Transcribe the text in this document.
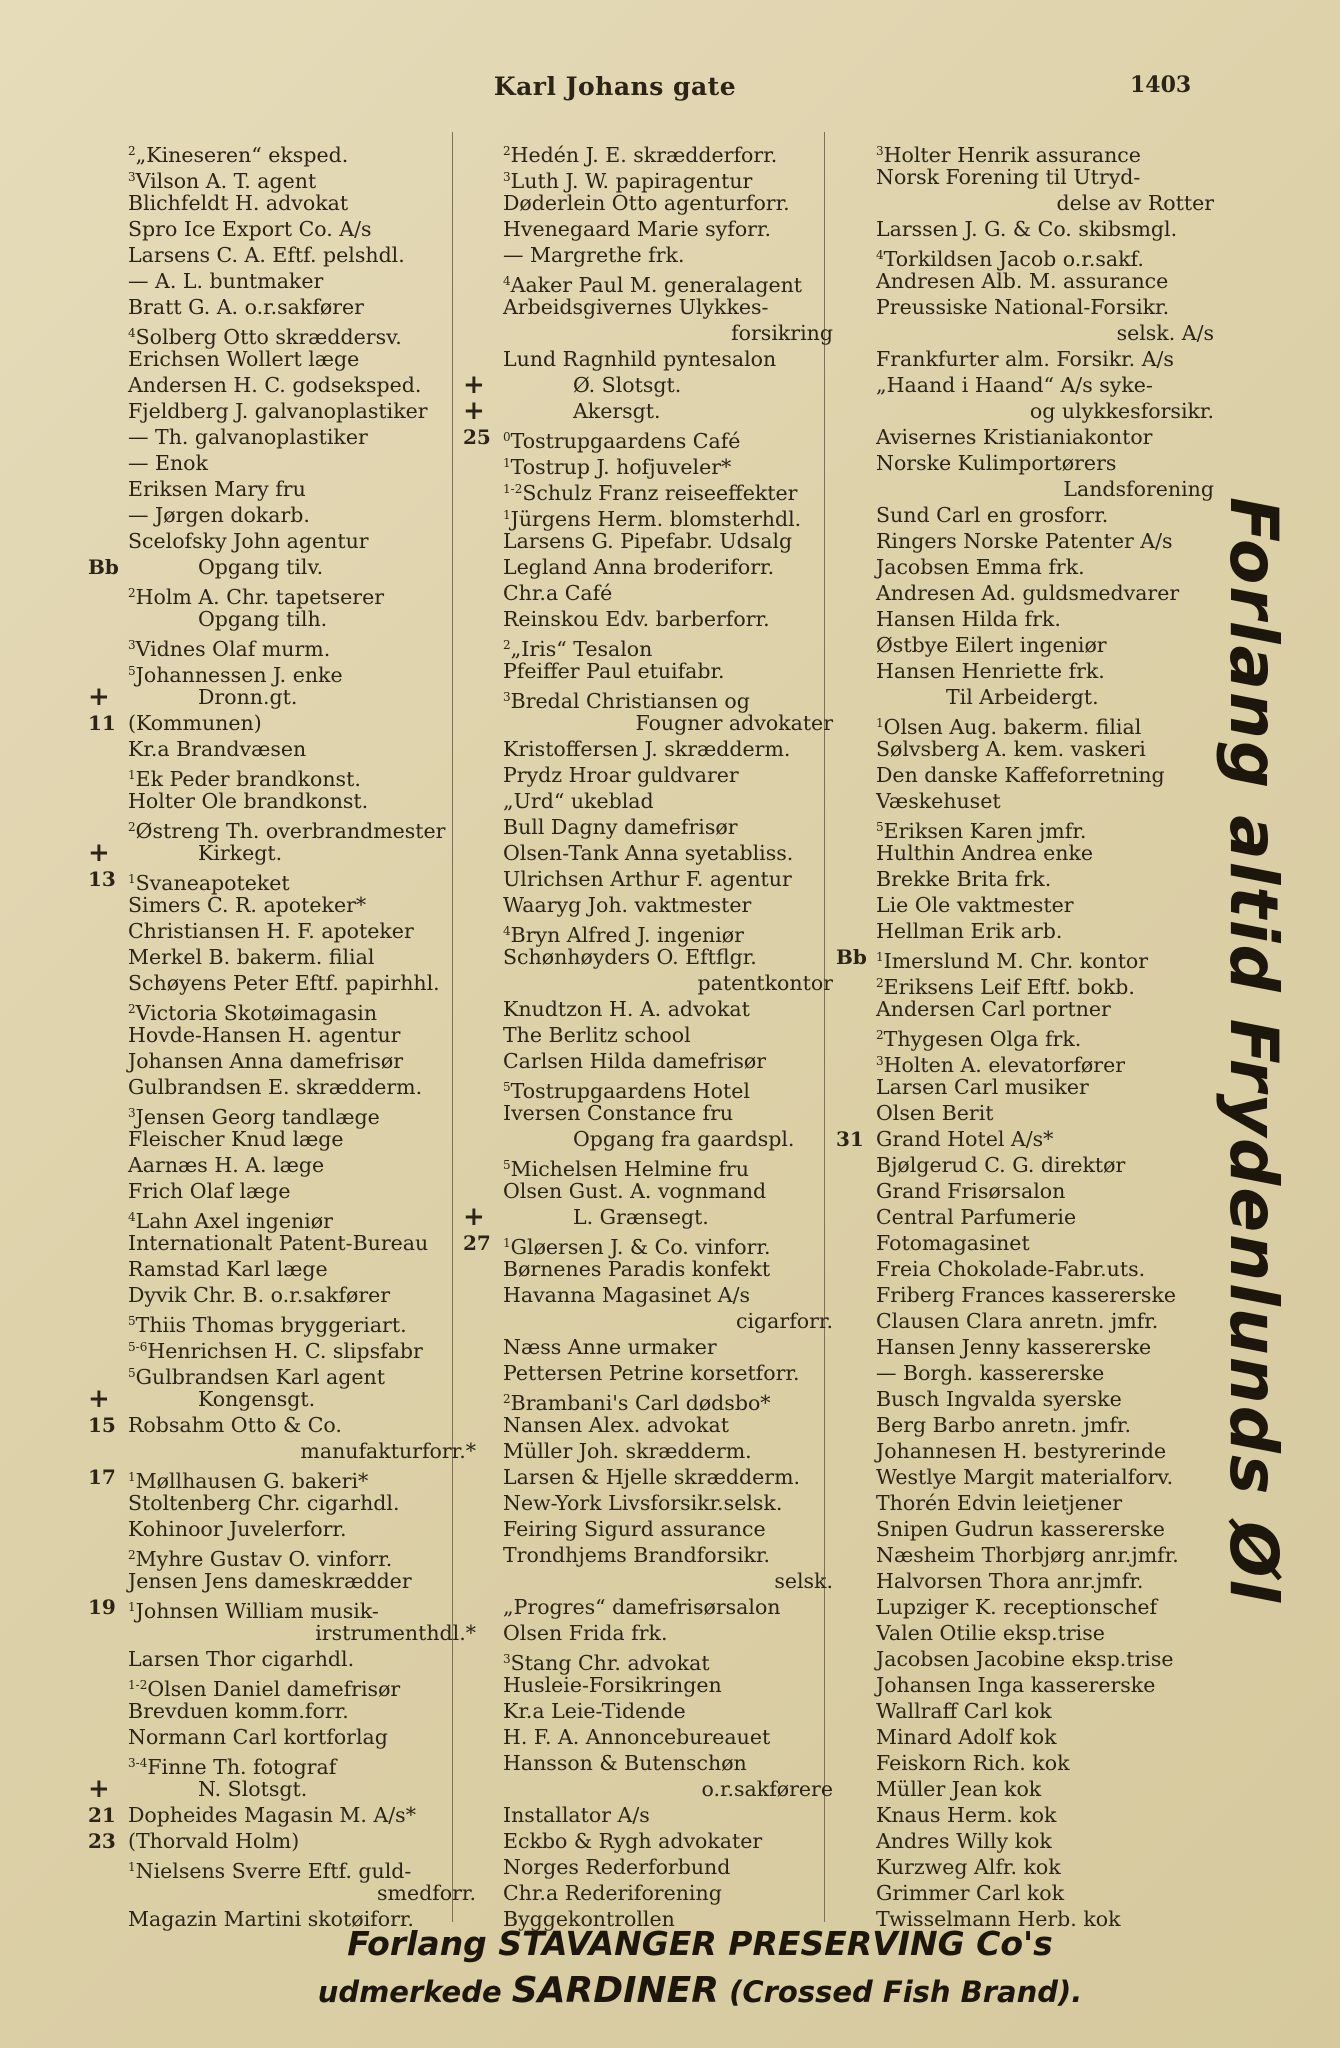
Karl Johans gate	1403
$^2$„Kineseren“ eksped.
$^3$Vilson A. T. agent
Blichfeldt H. advokat
Spro Ice Export Co. A/s
Larsens C. A. Eftf. pelshdl.
— A. L. buntmaker
Bratt G. A. o.r.sakfører
$^4$Solberg Otto skræddersv.
Erichsen Wollert læge
Andersen H. C. godseksped.
Fjeldberg J. galvanoplastiker
— Th. galvanoplastiker
— Enok
Eriksen Mary fru
— Jørgen dokarb.
Scelofsky John agentur
Bb	Opgang tilv.
$^2$Holm A. Chr. tapetserer
Opgang tilh.
$^3$Vidnes Olaf murm.
$^5$Johannessen J. enke
+	Dronn.gt.
11 (Kommunen)
Kr.a Brandvæsen
$^1$Ek Peder brandkonst.
Holter Ole brandkonst.
$^2$Østreng Th. overbrandmester
+	Kirkegt.
13	$^1$Svaneapoteket
Simers C. R. apoteker*
Christiansen H. F. apoteker
Merkel B. bakerm. filial
Schøyens Peter Eftf. papirhhl.
$^2$Victoria Skotøimagasin
Hovde-Hansen H. agentur
Johansen Anna damefrisør
Gulbrandsen E. skrædderm.
$^3$Jensen Georg tandlæge
Fleischer Knud læge
Aarnæs H. A. læge
Frich Olaf læge
$^4$Lahn Axel ingeniør
Internationalt Patent-Bureau
Ramstad Karl læge
Dyvik Chr. B. o.r.sakfører
$^5$Thiis Thomas bryggeriart.
$^{5-6}$Henrichsen H. C. slipsfabr
$^5$Gulbrandsen Karl agent
+	Kongensgt.
15 Robsahm Otto & Co.
manufakturforr.*
17	$^1$Møllhausen G. bakeri*
Stoltenberg Chr. cigarhdl.
Kohinoor Juvelerforr.
$^2$Myhre Gustav O. vinforr.
Jensen Jens dameskrædder
19	$^1$Johnsen William musik-
irstrumenthdl.*
Larsen Thor cigarhdl.
$^{1-2}$Olsen Daniel damefrisør
Brevduen komm.forr.
Normann Carl kortforlag
$^{3-4}$Finne Th. fotograf
+	N. Slotsgt.
21 Dopheides Magasin M. A/s*
23 (Thorvald Holm)
$^1$Nielsens Sverre Eftf. guld-
smedforr.
Magazin Martini skotøiforr.
$^2$Hedén J. E. skrædderforr.
$^3$Luth J. W. papiragentur
Døderlein Otto agenturforr.
Hvenegaard Marie syforr.
— Margrethe frk.
$^4$Aaker Paul M. generalagent
Arbeidsgivernes Ulykkes-
forsikring
Lund Ragnhild pyntesalon
+	Ø. Slotsgt.
+	Akersgt.
25	$^0$Tostrupgaardens Café
$^1$Tostrup J. hofjuveler*
$^{1-2}$Schulz Franz reiseeffekter
$^1$Jürgens Herm. blomsterhdl.
Larsens G. Pipefabr. Udsalg
Legland Anna broderiforr.
Chr.a Café
Reinskou Edv. barberforr.
$^2$„Iris“ Tesalon
Pfeiffer Paul etuifabr.
$^3$Bredal Christiansen og
Fougner advokater
Kristoffersen J. skrædderm.
Prydz Hroar guldvarer
„Urd“ ukeblad
Bull Dagny damefrisør
Olsen-Tank Anna syetabliss.
Ulrichsen Arthur F. agentur
Waaryg Joh. vaktmester
$^4$Bryn Alfred J. ingeniør
Schønhøyders O. Eftflgr.
patentkontor
Knudtzon H. A. advokat
The Berlitz school
Carlsen Hilda damefrisør
$^5$Tostrupgaardens Hotel
Iversen Constance fru
Opgang fra gaardspl.
$^5$Michelsen Helmine fru
Olsen Gust. A. vognmand
+	L. Grænsegt.
27	$^1$Gløersen J. & Co. vinforr.
Børnenes Paradis konfekt
Havanna Magasinet A/s
cigarforr.
Næss Anne urmaker
Pettersen Petrine korsetforr.
$^2$Brambani's Carl dødsbo*
Nansen Alex. advokat
Müller Joh. skrædderm.
Larsen & Hjelle skrædderm.
New-York Livsforsikr.selsk.
Feiring Sigurd assurance
Trondhjems Brandforsikr.
selsk.
„Progres“ damefrisørsalon
Olsen Frida frk.
$^3$Stang Chr. advokat
Husleie-Forsikringen
Kr.a Leie-Tidende
H. F. A. Annoncebureauet
Hansson & Butenschøn
o.r.sakførere
Installator A/s
Eckbo & Rygh advokater
Norges Rederforbund
Chr.a Rederiforening
Byggekontrollen
$^3$Holter Henrik assurance
Norsk Forening til Utryd-
delse av Rotter
Larssen J. G. & Co. skibsmgl.
$^4$Torkildsen Jacob o.r.sakf.
Andresen Alb. M. assurance
Preussiske National-Forsikr.
selsk. A/s
Frankfurter alm. Forsikr. A/s
„Haand i Haand“ A/s syke-
og ulykkesforsikr.
Avisernes Kristianiakontor
Norske Kulimportørers
Landsforening
Sund Carl en grosforr.
Ringers Norske Patenter A/s
Jacobsen Emma frk.
Andresen Ad. guldsmedvarer
Hansen Hilda frk.
Østbye Eilert ingeniør
Hansen Henriette frk.
Til Arbeidergt.
$^1$Olsen Aug. bakerm. filial
Sølvsberg A. kem. vaskeri
Den danske Kaffeforretning
Væskehuset
$^5$Eriksen Karen jmfr.
Hulthin Andrea enke
Brekke Brita frk.
Lie Ole vaktmester
Hellman Erik arb.
Bb $^1$Imerslund M. Chr. kontor
$^2$Eriksens Leif Eftf. bokb.
Andersen Carl portner
$^2$Thygesen Olga frk.
$^3$Holten A. elevatorfører
Larsen Carl musiker
Olsen Berit
31 Grand Hotel A/s*
Bjølgerud C. G. direktør
Grand Frisørsalon
Central Parfumerie
Fotomagasinet
Freia Chokolade-Fabr.uts.
Friberg Frances kassererske
Clausen Clara anretn. jmfr.
Hansen Jenny kassererske
— Borgh. kassererske
Busch Ingvalda syerske
Berg Barbo anretn. jmfr.
Johannesen H. bestyrerinde
Westlye Margit materialforv.
Thorén Edvin leietjener
Snipen Gudrun kassererske
Næsheim Thorbjørg anr.jmfr.
Halvorsen Thora anr.jmfr.
Lupziger K. receptionschef
Valen Otilie eksp.trise
Jacobsen Jacobine eksp.trise
Johansen Inga kassererske
Wallraff Carl kok
Minard Adolf kok
Feiskorn Rich. kok
Müller Jean kok
Knaus Herm. kok
Andres Willy kok
Kurzweg Alfr. kok
Grimmer Carl kok
Twisselmann Herb. kok
Forlang altid Frydenlunds Øl
Forlang STAVANGER PRESERVING Co's
udmerkede SARDINER (Crossed Fish Brand).
